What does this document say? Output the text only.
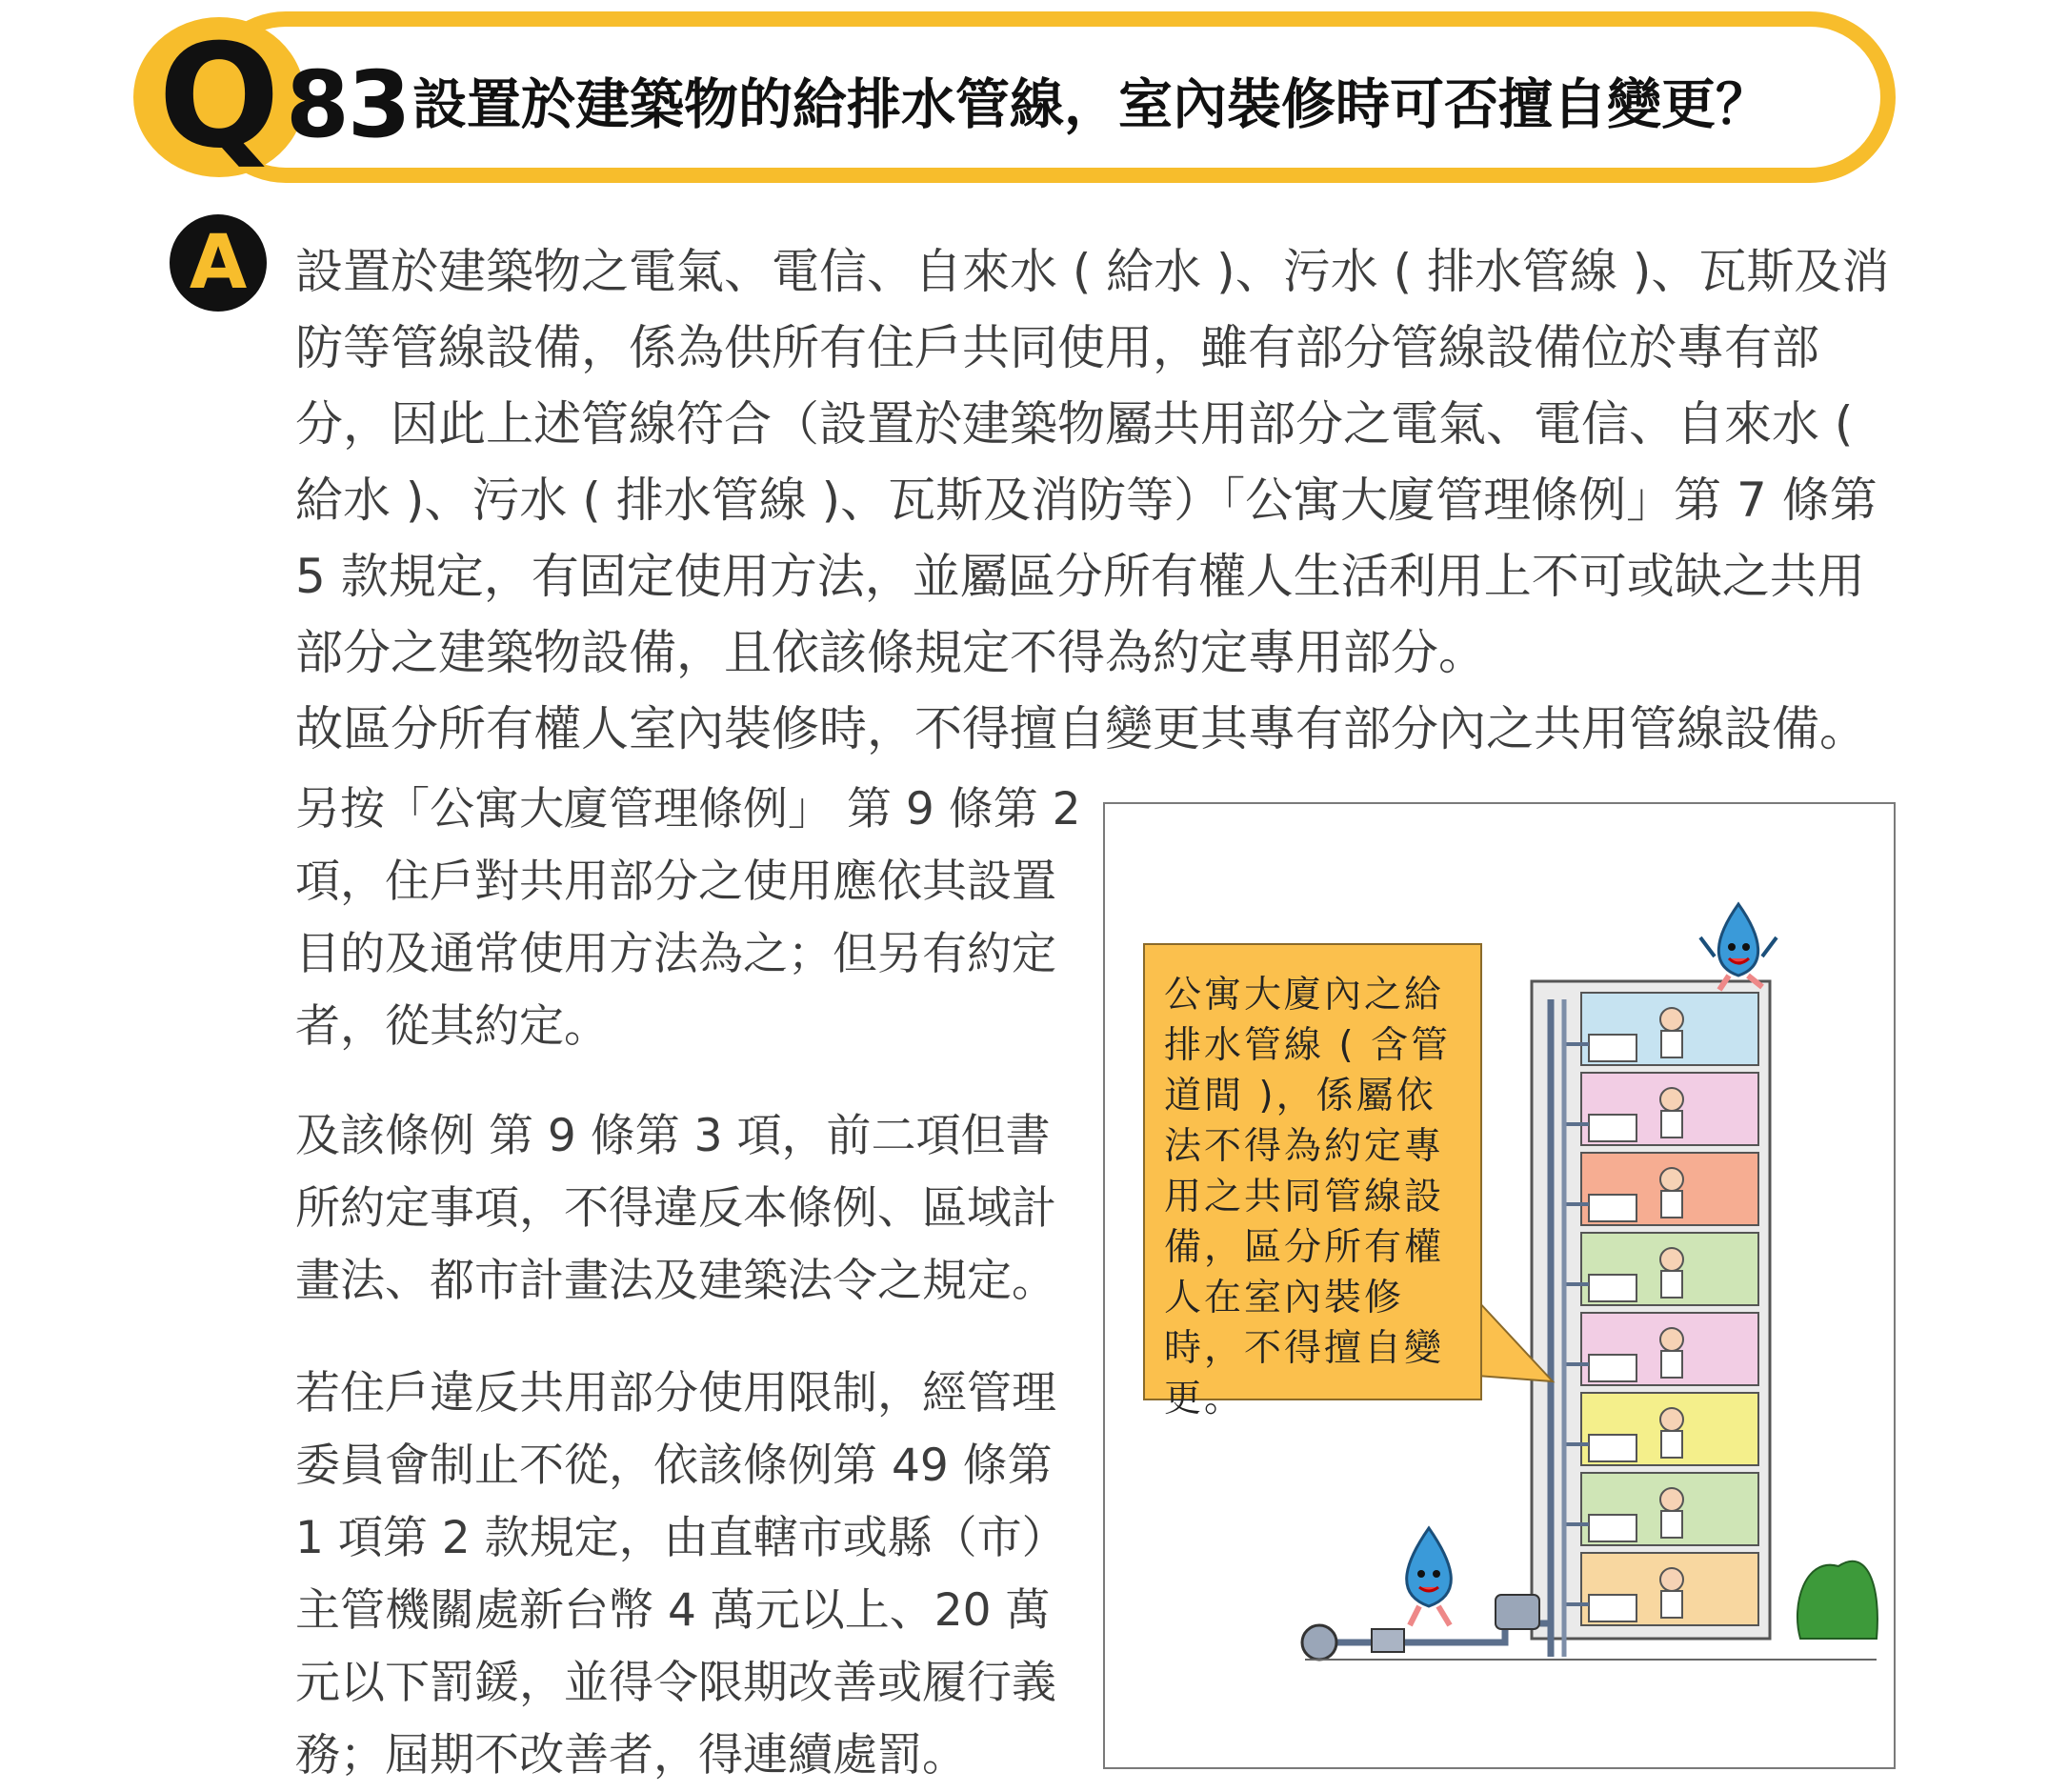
Q 83 設置於建築物的給排水管線，室內裝修時可否擅自變更？
A	設置於建築物之電氣、電信、自來水 ( 給水 )、污水 ( 排水管線 )、瓦斯及消防等管線設備，係為供所有住戶共同使用，雖有部分管線設備位於專有部分，因此上述管線符合（設置於建築物屬共用部分之電氣、電信、自來水 ( 給水 )、污水 ( 排水管線 )、瓦斯及消防等）「公寓大廈管理條例」第 7 條第 5 款規定，有固定使用方法，並屬區分所有權人生活利用上不可或缺之共用部分之建築物設備，且依該條規定不得為約定專用部分。

故區分所有權人室內裝修時，不得擅自變更其專有部分內之共用管線設備。

另按「公寓大廈管理條例」 第 9 條第 2 項，住戶對共用部分之使用應依其設置目的及通常使用方法為之；但另有約定者，從其約定。
及該條例 第 9 條第 3 項，前二項但書所約定事項，不得違反本條例、區域計畫法、都市計畫法及建築法令之規定。
若住戶違反共用部分使用限制，經管理委員會制止不從，依該條例第 49 條第 1 項第 2 款規定，由直轄市或縣（市）主管機關處新台幣 4 萬元以上、20 萬元以下罰鍰，並得令限期改善或履行義務；屆期不改善者，得連續處罰。
公寓大廈內之給排水管線 ( 含管道間 )，係屬依法不得為約定專用之共同管線設備，區分所有權人在室內裝修時，不得擅自變更。
